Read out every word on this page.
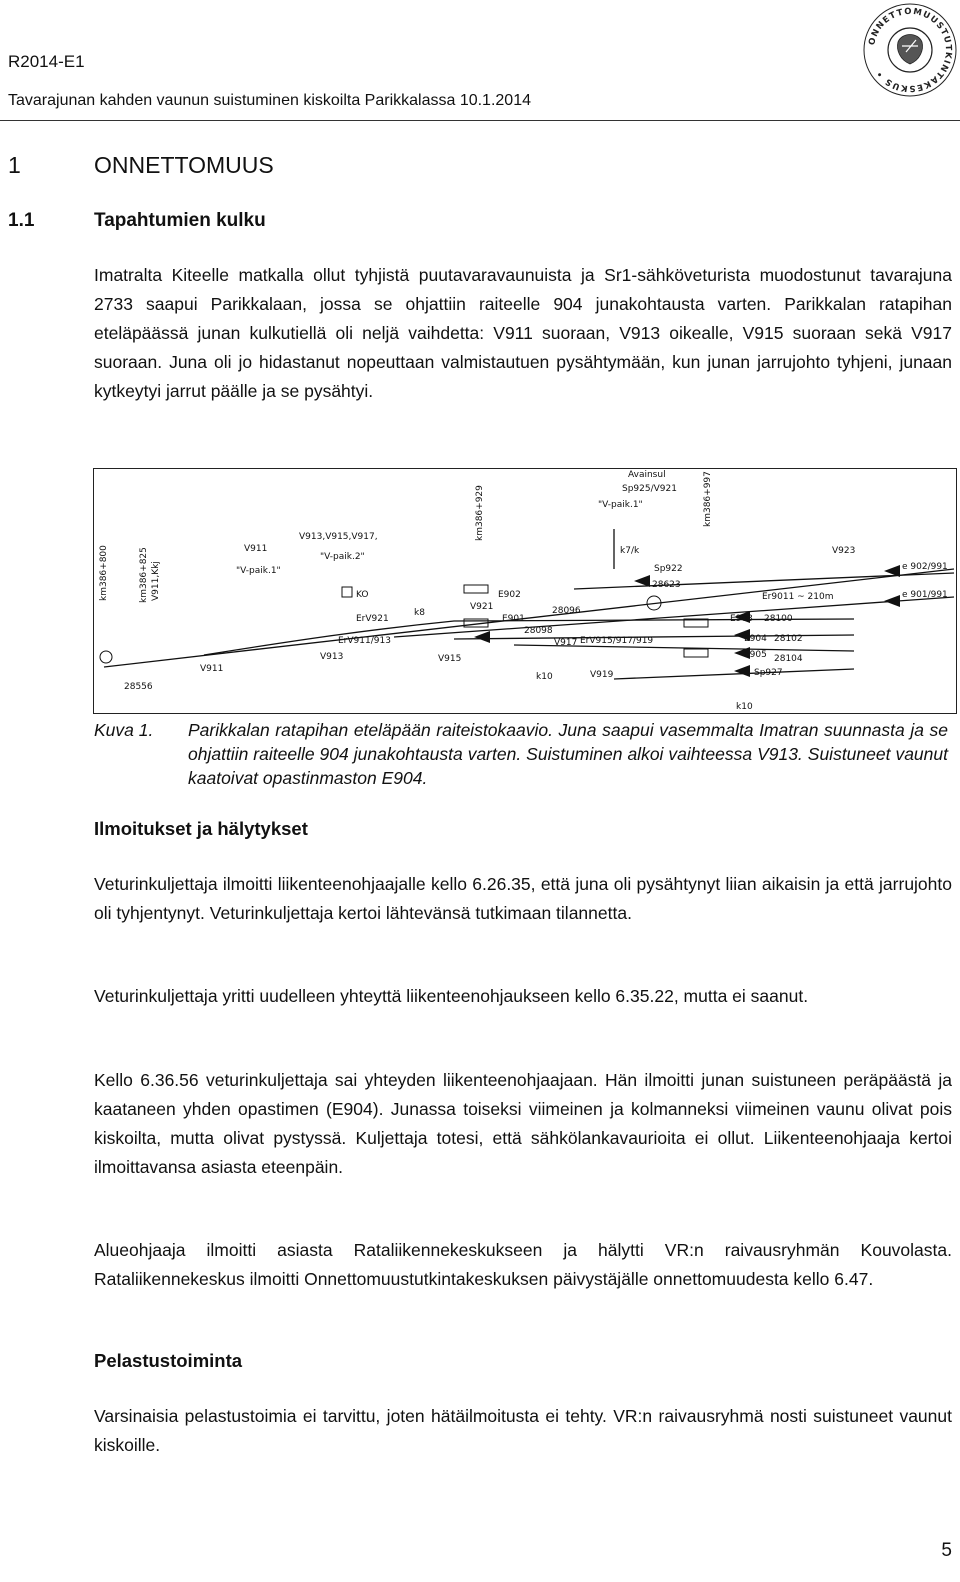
R2014-E1
Tavarajunan kahden vaunun suistuminen kiskoilta Parikkalassa 10.1.2014
ONNETTOMUUSTUTKINTAKESKUS •
1	ONNETTOMUUS
1.1	Tapahtumien kulku

Imatralta Kiteelle matkalla ollut tyhjistä puutavaravaunuista ja Sr1-sähköveturista muodostunut tavarajuna 2733 saapui Parikkalaan, jossa se ohjattiin raiteelle 904 junakohtausta varten. Parikkalan ratapihan eteläpäässä junan kulkutiellä oli neljä vaihdetta: V911 suoraan, V913 oikealle, V915 suoraan sekä V917 suoraan. Juna oli jo hidastanut nopeuttaan valmistautuen pysähtymään, kun junan jarrujohto tyhjeni, junaan kytkeytyi jarrut päälle ja se pysähtyi.

km386+800	km386+825 V911,Kkj
km386+929	km386+997
V911
"V-paik.1"
V913,V915,V917,
"V-paik.2"
KO
ErV921
ErV911/913
k8
E902
E901
28096
28098
V917 ErV915/917/919
V915
V913
V911
28556
V919
k10
Avainsul
Sp925/V921
"V-paik.1"
k7/k
Sp922
28623
V923
e 902/991
e 901/991
Er9011 ~ 210m
E903 28100
E904 28102
E905 28104
Sp927
V921
k10
Kuva 1. Parikkalan ratapihan eteläpään raiteistokaavio. Juna saapui vasemmalta Imatran suunnasta ja se ohjattiin raiteelle 904 junakohtausta varten. Suistuminen alkoi vaihteessa V913. Suistuneet vaunut kaatoivat opastinmaston E904.
Ilmoitukset ja hälytykset

Veturinkuljettaja ilmoitti liikenteenohjaajalle kello 6.26.35, että juna oli pysähtynyt liian aikaisin ja että jarrujohto oli tyhjentynyt. Veturinkuljettaja kertoi lähtevänsä tutkimaan tilannetta.

Veturinkuljettaja yritti uudelleen yhteyttä liikenteenohjaukseen kello 6.35.22, mutta ei saanut.

Kello 6.36.56 veturinkuljettaja sai yhteyden liikenteenohjaajaan. Hän ilmoitti junan suistuneen peräpäästä ja kaataneen yhden opastimen (E904). Junassa toiseksi viimeinen ja kolmanneksi viimeinen vaunu olivat pois kiskoilta, mutta olivat pystyssä. Kuljettaja totesi, että sähkölankavaurioita ei ollut. Liikenteenohjaaja kertoi ilmoittavansa asiasta eteenpäin.

Alueohjaaja ilmoitti asiasta Rataliikennekeskukseen ja hälytti VR:n raivausryhmän Kouvolasta. Rataliikennekeskus ilmoitti Onnettomuustutkintakeskuksen päivystäjälle onnettomuudesta kello 6.47.

Pelastustoiminta

Varsinaisia pelastustoimia ei tarvittu, joten hätäilmoitusta ei tehty. VR:n raivausryhmä nosti suistuneet vaunut kiskoille.

5
